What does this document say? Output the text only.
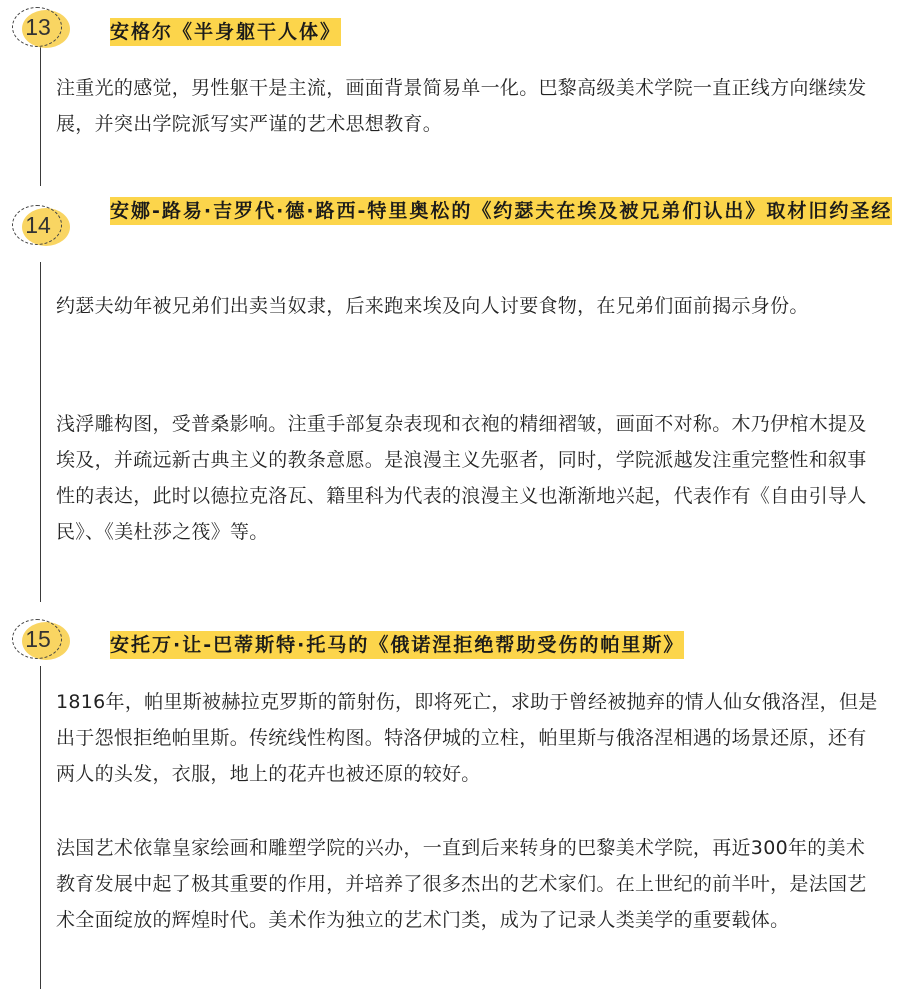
13	安格尔《半身躯干人体》

注重光的感觉，男性躯干是主流，画面背景简易单一化。巴黎高级美术学院一直正线方向继续发展，并突出学院派写实严谨的艺术思想教育。

14
安娜-路易·吉罗代·德·路西-特里奥松的《约瑟夫在埃及被兄弟们认出》取材旧约圣经

约瑟夫幼年被兄弟们出卖当奴隶，后来跑来埃及向人讨要食物，在兄弟们面前揭示身份。

浅浮雕构图，受普桑影响。注重手部复杂表现和衣袍的精细褶皱，画面不对称。木乃伊棺木提及埃及，并疏远新古典主义的教条意愿。是浪漫主义先驱者，同时，学院派越发注重完整性和叙事性的表达，此时以德拉克洛瓦、籍里科为代表的浪漫主义也渐渐地兴起，代表作有《自由引导人民》、《美杜莎之筏》等。

15	安托万·让-巴蒂斯特·托马的《俄诺涅拒绝帮助受伤的帕里斯》

1816年，帕里斯被赫拉克罗斯的箭射伤，即将死亡，求助于曾经被抛弃的情人仙女俄洛涅，但是出于怨恨拒绝帕里斯。传统线性构图。特洛伊城的立柱，帕里斯与俄洛涅相遇的场景还原，还有两人的头发，衣服，地上的花卉也被还原的较好。

法国艺术依靠皇家绘画和雕塑学院的兴办，一直到后来转身的巴黎美术学院，再近300年的美术教育发展中起了极其重要的作用，并培养了很多杰出的艺术家们。在上世纪的前半叶，是法国艺术全面绽放的辉煌时代。美术作为独立的艺术门类，成为了记录人类美学的重要载体。
